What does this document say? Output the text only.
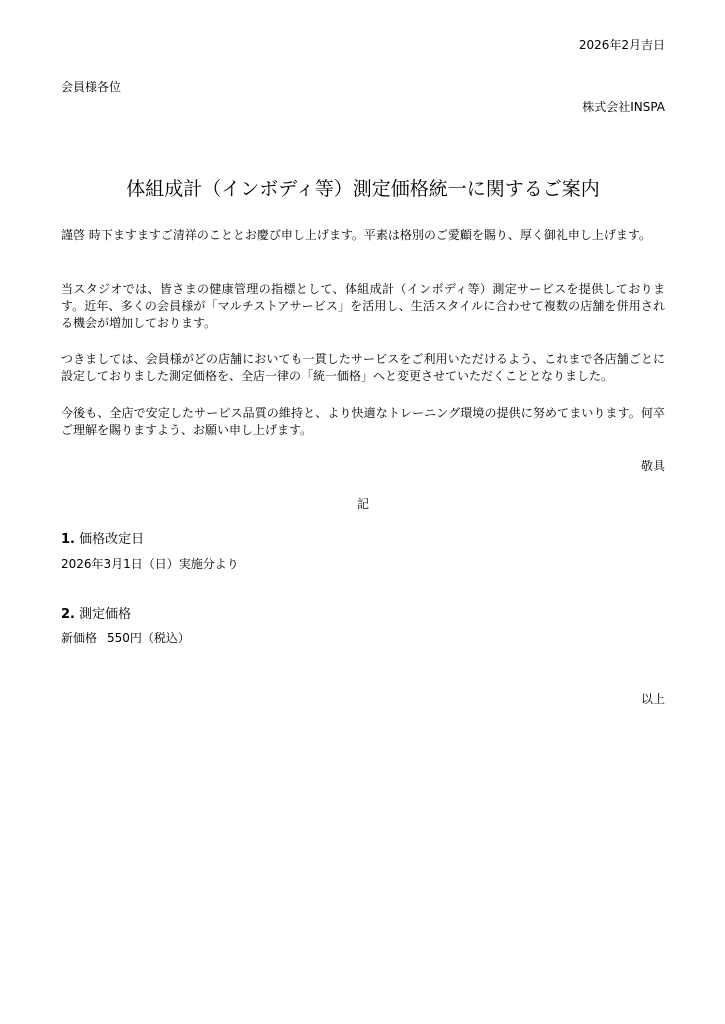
2026年2月吉日
会員様各位
株式会社INSPA
体組成計（インボディ等）測定価格統一に関するご案内

謹啓 時下ますますご清祥のこととお慶び申し上げます。平素は格別のご愛顧を賜り、厚く御礼申し上げます。

当スタジオでは、皆さまの健康管理の指標として、体組成計（インボディ等）測定サービスを提供しております。近年、多くの会員様が「マルチストアサービス」を活用し、生活スタイルに合わせて複数の店舗を併用される機会が増加しております。

つきましては、会員様がどの店舗においても一貫したサービスをご利用いただけるよう、これまで各店舗ごとに設定しておりました測定価格を、全店一律の「統一価格」へと変更させていただくこととなりました。

今後も、全店で安定したサービス品質の維持と、より快適なトレーニング環境の提供に努めてまいります。何卒ご理解を賜りますよう、お願い申し上げます。

敬具
記
1. 価格改定日
2026年3月1日（日）実施分より
2. 測定価格
新価格 550円（税込）
以上
